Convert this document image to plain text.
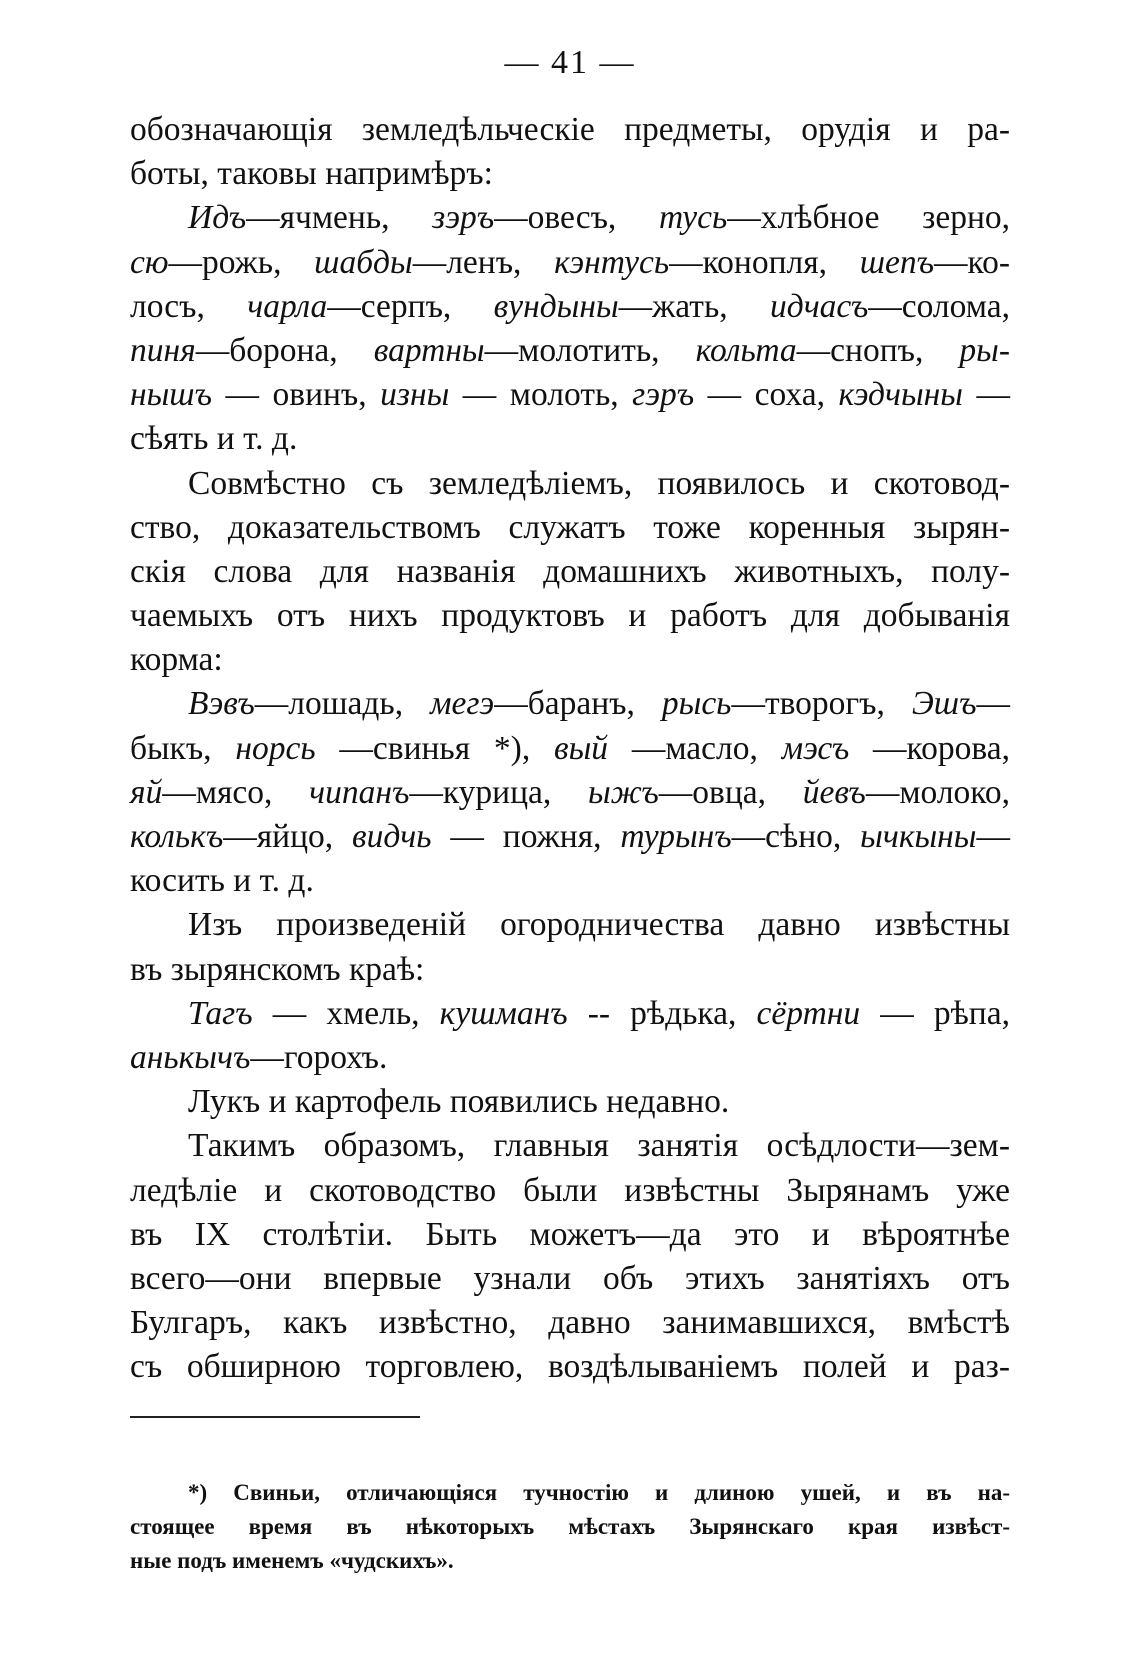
— 41 —
обозначающія земледѣльческіе предметы, орудія и ра-
боты, таковы напримѣръ:
Идъ—ячмень, зэръ—овесъ, тусь—хлѣбное зерно,
сю—рожь, шабды—ленъ, кэнтусь—конопля, шепъ—ко-
лосъ, чарла—серпъ, вундыны—жать, идчасъ—солома,
пиня—борона, вартны—молотить, кольта—снопъ, ры-
нышъ — овинъ, изны — молоть, гэръ — соха, кэдчыны —
сѣять и т. д.
Совмѣстно съ земледѣліемъ, появилось и скотовод-
ство, доказательствомъ служатъ тоже коренныя зырян-
скія слова для названія домашнихъ животныхъ, полу-
чаемыхъ отъ нихъ продуктовъ и работъ для добыванія
корма:
Вэвъ—лошадь, мегэ—баранъ, рысь—творогъ, Эшъ—
быкъ, норсь —свинья *), вый —масло, мэсъ —корова,
яй—мясо, чипанъ—курица, ыжъ—овца, йевъ—молоко,
колькъ—яйцо, видчь — пожня, турынъ—сѣно, ычкыны—
косить и т. д.
Изъ произведеній огородничества давно извѣстны
въ зырянскомъ краѣ:
Тагъ — хмель, кушманъ -- рѣдька, сёртни — рѣпа,
анькычъ—горохъ.
Лукъ и картофель появились недавно.
Такимъ образомъ, главныя занятія осѣдлости—зем-
ледѣліе и скотоводство были извѣстны Зырянамъ уже
въ IX столѣтіи. Быть можетъ—да это и вѣроятнѣе
всего—они впервые узнали объ этихъ занятіяхъ отъ
Булгаръ, какъ извѣстно, давно занимавшихся, вмѣстѣ
съ обширною торговлею, воздѣлываніемъ полей и раз-
*) Свиньи, отличающіяся тучностію и длиною ушей, и въ на-
стоящее время въ нѣкоторыхъ мѣстахъ Зырянскаго края извѣст-
ные подъ именемъ «чудскихъ».
